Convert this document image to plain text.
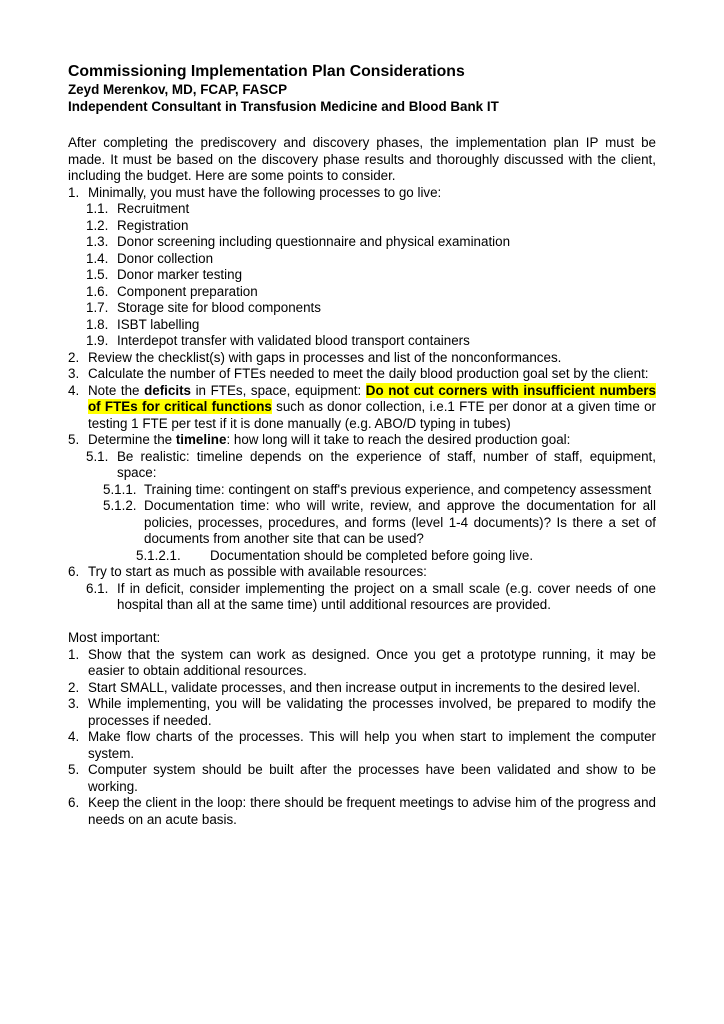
Commissioning Implementation Plan Considerations

Zeyd Merenkov, MD, FCAP, FASCP

Independent Consultant in Transfusion Medicine and Blood Bank IT

After completing the prediscovery and discovery phases, the implementation plan IP must be made. It must be based on the discovery phase results and thoroughly discussed with the client, including the budget. Here are some points to consider.

1. Minimally, you must have the following processes to go live:
1.1. Recruitment
1.2. Registration
1.3. Donor screening including questionnaire and physical examination
1.4. Donor collection
1.5. Donor marker testing
1.6. Component preparation
1.7. Storage site for blood components
1.8. ISBT labelling
1.9. Interdepot transfer with validated blood transport containers
2. Review the checklist(s) with gaps in processes and list of the nonconformances.
3. Calculate the number of FTEs needed to meet the daily blood production goal set by the client:
4. Note the deficits in FTEs, space, equipment: Do not cut corners with insufficient numbers of FTEs for critical functions such as donor collection, i.e.1 FTE per donor at a given time or testing 1 FTE per test if it is done manually (e.g. ABO/D typing in tubes)
5. Determine the timeline: how long will it take to reach the desired production goal:
5.1. Be realistic: timeline depends on the experience of staff, number of staff, equipment, space:
5.1.1. Training time: contingent on staff's previous experience, and competency assessment
5.1.2. Documentation time: who will write, review, and approve the documentation for all policies, processes, procedures, and forms (level 1-4 documents)? Is there a set of documents from another site that can be used?
5.1.2.1. Documentation should be completed before going live.
6. Try to start as much as possible with available resources:
6.1. If in deficit, consider implementing the project on a small scale (e.g. cover needs of one hospital than all at the same time) until additional resources are provided.

Most important:

1. Show that the system can work as designed. Once you get a prototype running, it may be easier to obtain additional resources.
2. Start SMALL, validate processes, and then increase output in increments to the desired level.
3. While implementing, you will be validating the processes involved, be prepared to modify the processes if needed.
4. Make flow charts of the processes. This will help you when start to implement the computer system.
5. Computer system should be built after the processes have been validated and show to be working.
6. Keep the client in the loop: there should be frequent meetings to advise him of the progress and needs on an acute basis.
